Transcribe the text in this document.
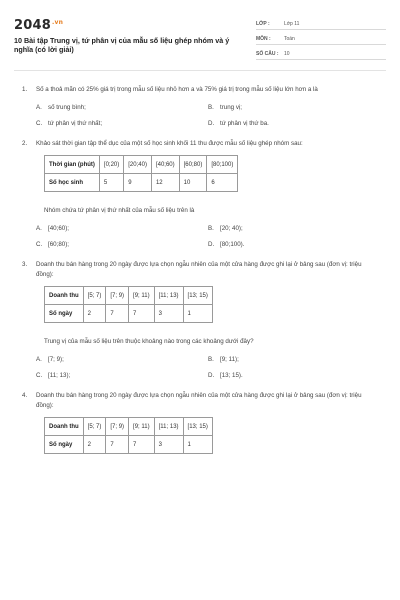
$2048^{.vn}$
10 Bài tập Trung vị, tứ phân vị của mẫu số liệu ghép nhóm và ý nghĩa (có lời giải)
LỚP :	Lớp 11
MÔN :	Toán
SỐ CÂU :	10
1.	Số a thoả mãn có 25% giá trị trong mẫu số liệu nhỏ hơn a và 75% giá trị trong mẫu số liệu lớn hơn a là
A. số trung bình;	B. trung vị;
C. tứ phân vị thứ nhất;	D. tứ phân vị thứ ba.
2.	Khảo sát thời gian tập thể dục của một số học sinh khối 11 thu được mẫu số liệu ghép nhóm sau:
Thời gian (phút)	[0;20)	[20;40)	[40;60)	[60;80)	[80;100)
Số học sinh	5	9	12	10	6
Nhóm chứa tứ phân vị thứ nhất của mẫu số liệu trên là
A. [40;60);	B. [20; 40);
C. [60;80);	D. [80;100).
3.	Doanh thu bán hàng trong 20 ngày được lựa chọn ngẫu nhiên của một cửa hàng được ghi lại ở bảng sau (đơn vị: triệu đồng):
Doanh thu	[5; 7)	[7; 9)	[9; 11)	[11; 13)	[13; 15)
Số ngày	2	7	7	3	1
Trung vị của mẫu số liệu trên thuộc khoảng nào trong các khoảng dưới đây?
A. [7; 9);	B. [9; 11);
C. [11; 13);	D. [13; 15).
4.	Doanh thu bán hàng trong 20 ngày được lựa chọn ngẫu nhiên của một cửa hàng được ghi lại ở bảng sau (đơn vị: triệu đồng):
Doanh thu	[5; 7)	[7; 9)	[9; 11)	[11; 13)	[13; 15)
Số ngày	2	7	7	3	1
